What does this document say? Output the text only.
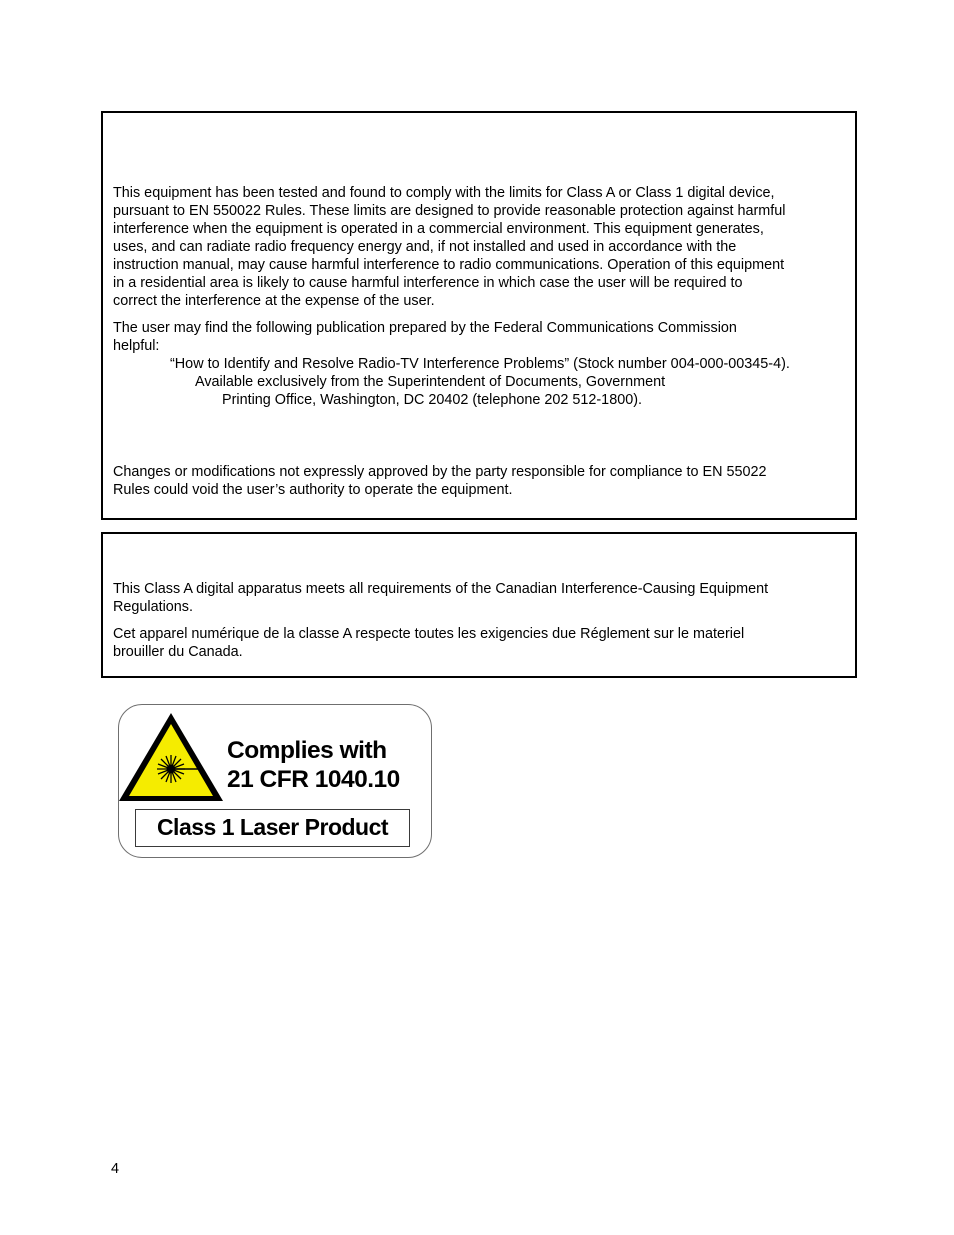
This equipment has been tested and found to comply with the limits for Class A or Class 1 digital device,
pursuant to EN 550022 Rules. These limits are designed to provide reasonable protection against harmful
interference when the equipment is operated in a commercial environment. This equipment generates,
uses, and can radiate radio frequency energy and, if not installed and used in accordance with the
instruction manual, may cause harmful interference to radio communications. Operation of this equipment
in a residential area is likely to cause harmful interference in which case the user will be required to
correct the interference at the expense of the user.

The user may find the following publication prepared by the Federal Communications Commission
helpful:

“How to Identify and Resolve Radio-TV Interference Problems” (Stock number 004-000-00345-4).
Available exclusively from the Superintendent of Documents, Government
Printing Office, Washington, DC 20402 (telephone 202 512-1800).

Changes or modifications not expressly approved by the party responsible for compliance to EN 55022
Rules could void the user’s authority to operate the equipment.

This Class A digital apparatus meets all requirements of the Canadian Interference-Causing Equipment
Regulations.

Cet apparel numérique de la classe A respecte toutes les exigencies due Réglement sur le materiel
brouiller du Canada.

Complies with
21 CFR 1040.10
Class 1 Laser Product
4
